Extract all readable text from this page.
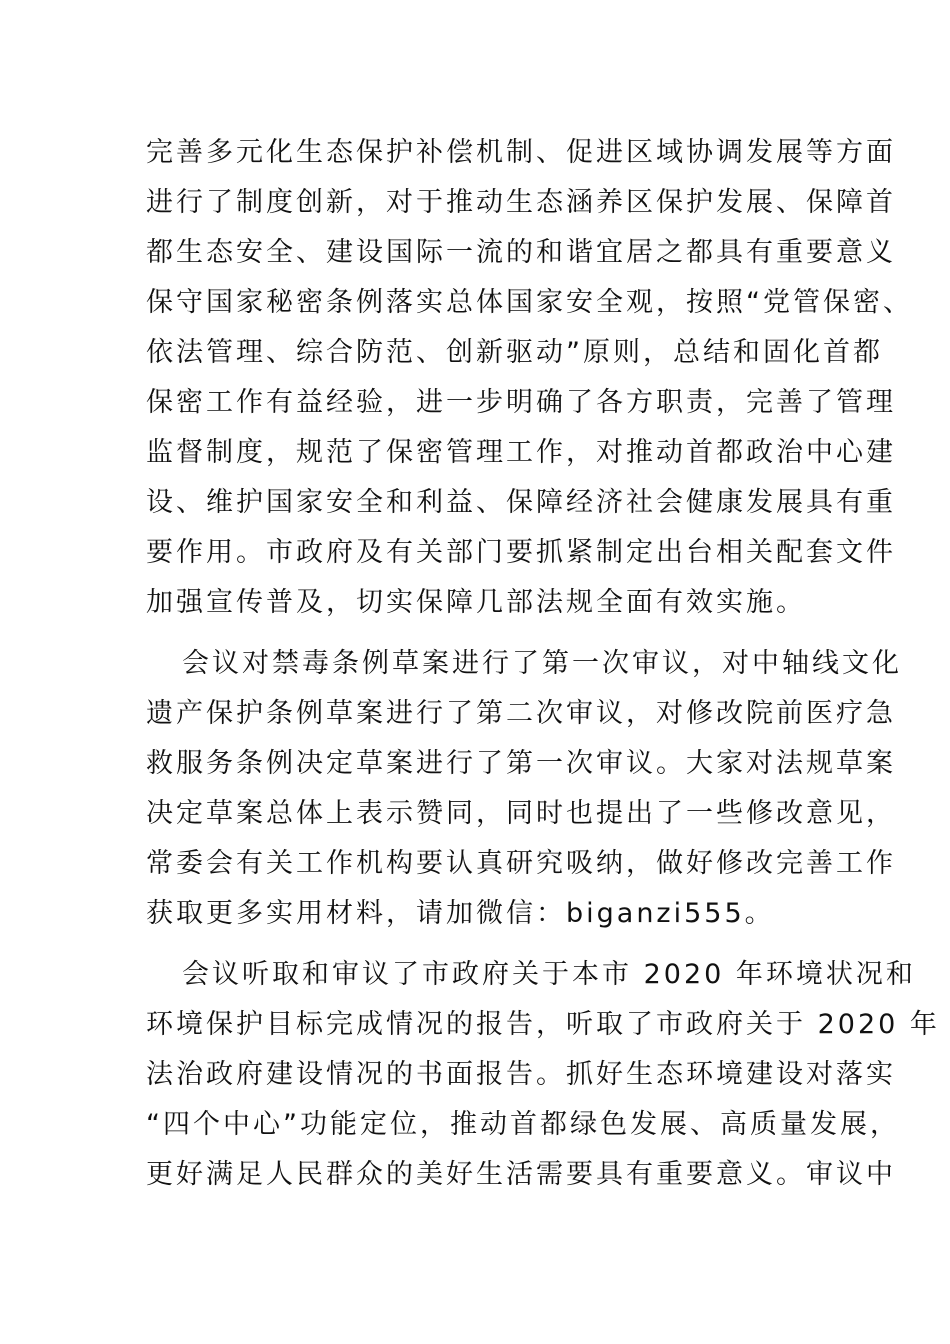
完善多元化生态保护补偿机制、促进区域协调发展等方面
进行了制度创新，对于推动生态涵养区保护发展、保障首
都生态安全、建设国际一流的和谐宜居之都具有重要意义
保守国家秘密条例落实总体国家安全观，按照“党管保密、
依法管理、综合防范、创新驱动”原则，总结和固化首都
保密工作有益经验，进一步明确了各方职责，完善了管理
监督制度，规范了保密管理工作，对推动首都政治中心建
设、维护国家安全和利益、保障经济社会健康发展具有重
要作用。市政府及有关部门要抓紧制定出台相关配套文件
加强宣传普及，切实保障几部法规全面有效实施。
会议对禁毒条例草案进行了第一次审议，对中轴线文化
遗产保护条例草案进行了第二次审议，对修改院前医疗急
救服务条例决定草案进行了第一次审议。大家对法规草案
决定草案总体上表示赞同，同时也提出了一些修改意见，
常委会有关工作机构要认真研究吸纳，做好修改完善工作
获取更多实用材料，请加微信：biganzi555。
会议听取和审议了市政府关于本市 2020 年环境状况和
环境保护目标完成情况的报告，听取了市政府关于 2020 年
法治政府建设情况的书面报告。抓好生态环境建设对落实
“四个中心”功能定位，推动首都绿色发展、高质量发展，
更好满足人民群众的美好生活需要具有重要意义。审议中
